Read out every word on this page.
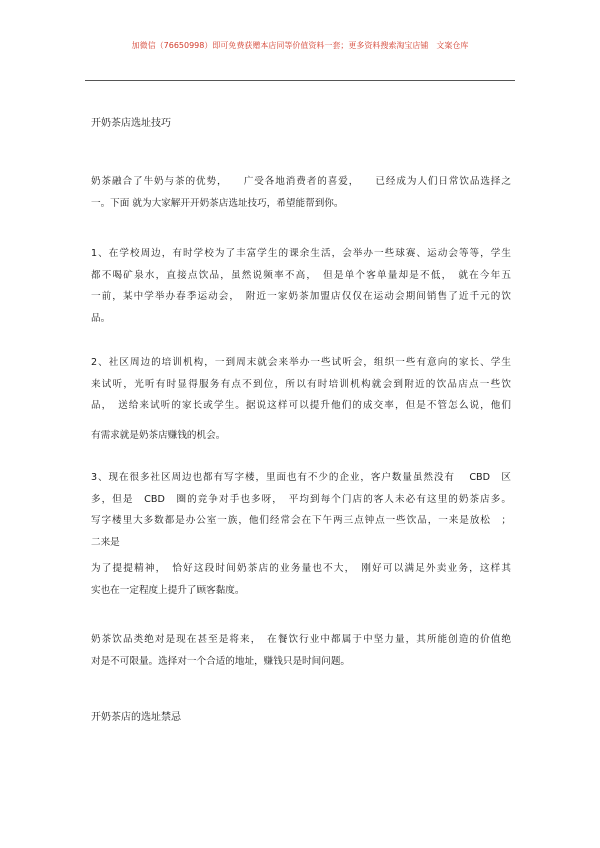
加微信（76650998）即可免费获赠本店同等价值资料一套；更多资料搜索淘宝店铺　文案仓库
开奶茶店选址技巧
奶茶融合了牛奶与茶的优势，　　广受各地消费者的喜爱，　　已经成为人们日常饮品选择之
一。下面 就为大家解开开奶茶店选址技巧，希望能帮到你。
1、在学校周边，有时学校为了丰富学生的课余生活，会举办一些球赛、运动会等等，学生
都不喝矿泉水，直接点饮品，虽然说频率不高，　但是单个客单量却是不低，　就在今年五
一前，某中学举办春季运动会，　附近一家奶茶加盟店仅仅在运动会期间销售了近千元的饮
品。
2、社区周边的培训机构，一到周末就会来举办一些试听会，组织一些有意向的家长、学生
来试听，光听有时显得服务有点不到位，所以有时培训机构就会到附近的饮品店点一些饮
品，　送给来试听的家长或学生。据说这样可以提升他们的成交率，但是不管怎么说，他们
有需求就是奶茶店赚钱的机会。
3、现在很多社区周边也都有写字楼，里面也有不少的企业，客户数量虽然没有　 CBD　区
多，但是　CBD　圈的竞争对手也多呀，　平均到每个门店的客人未必有这里的奶茶店多。
写字楼里大多数都是办公室一族，他们经常会在下午两三点钟点一些饮品，一来是放松　；
二来是
为了提提精神，　恰好这段时间奶茶店的业务量也不大，　刚好可以满足外卖业务，这样其
实也在一定程度上提升了顾客黏度。
奶茶饮品类绝对是现在甚至是将来，　在餐饮行业中都属于中坚力量，其所能创造的价值绝
对是不可限量。选择对一个合适的地址，赚钱只是时间问题。
开奶茶店的选址禁忌
